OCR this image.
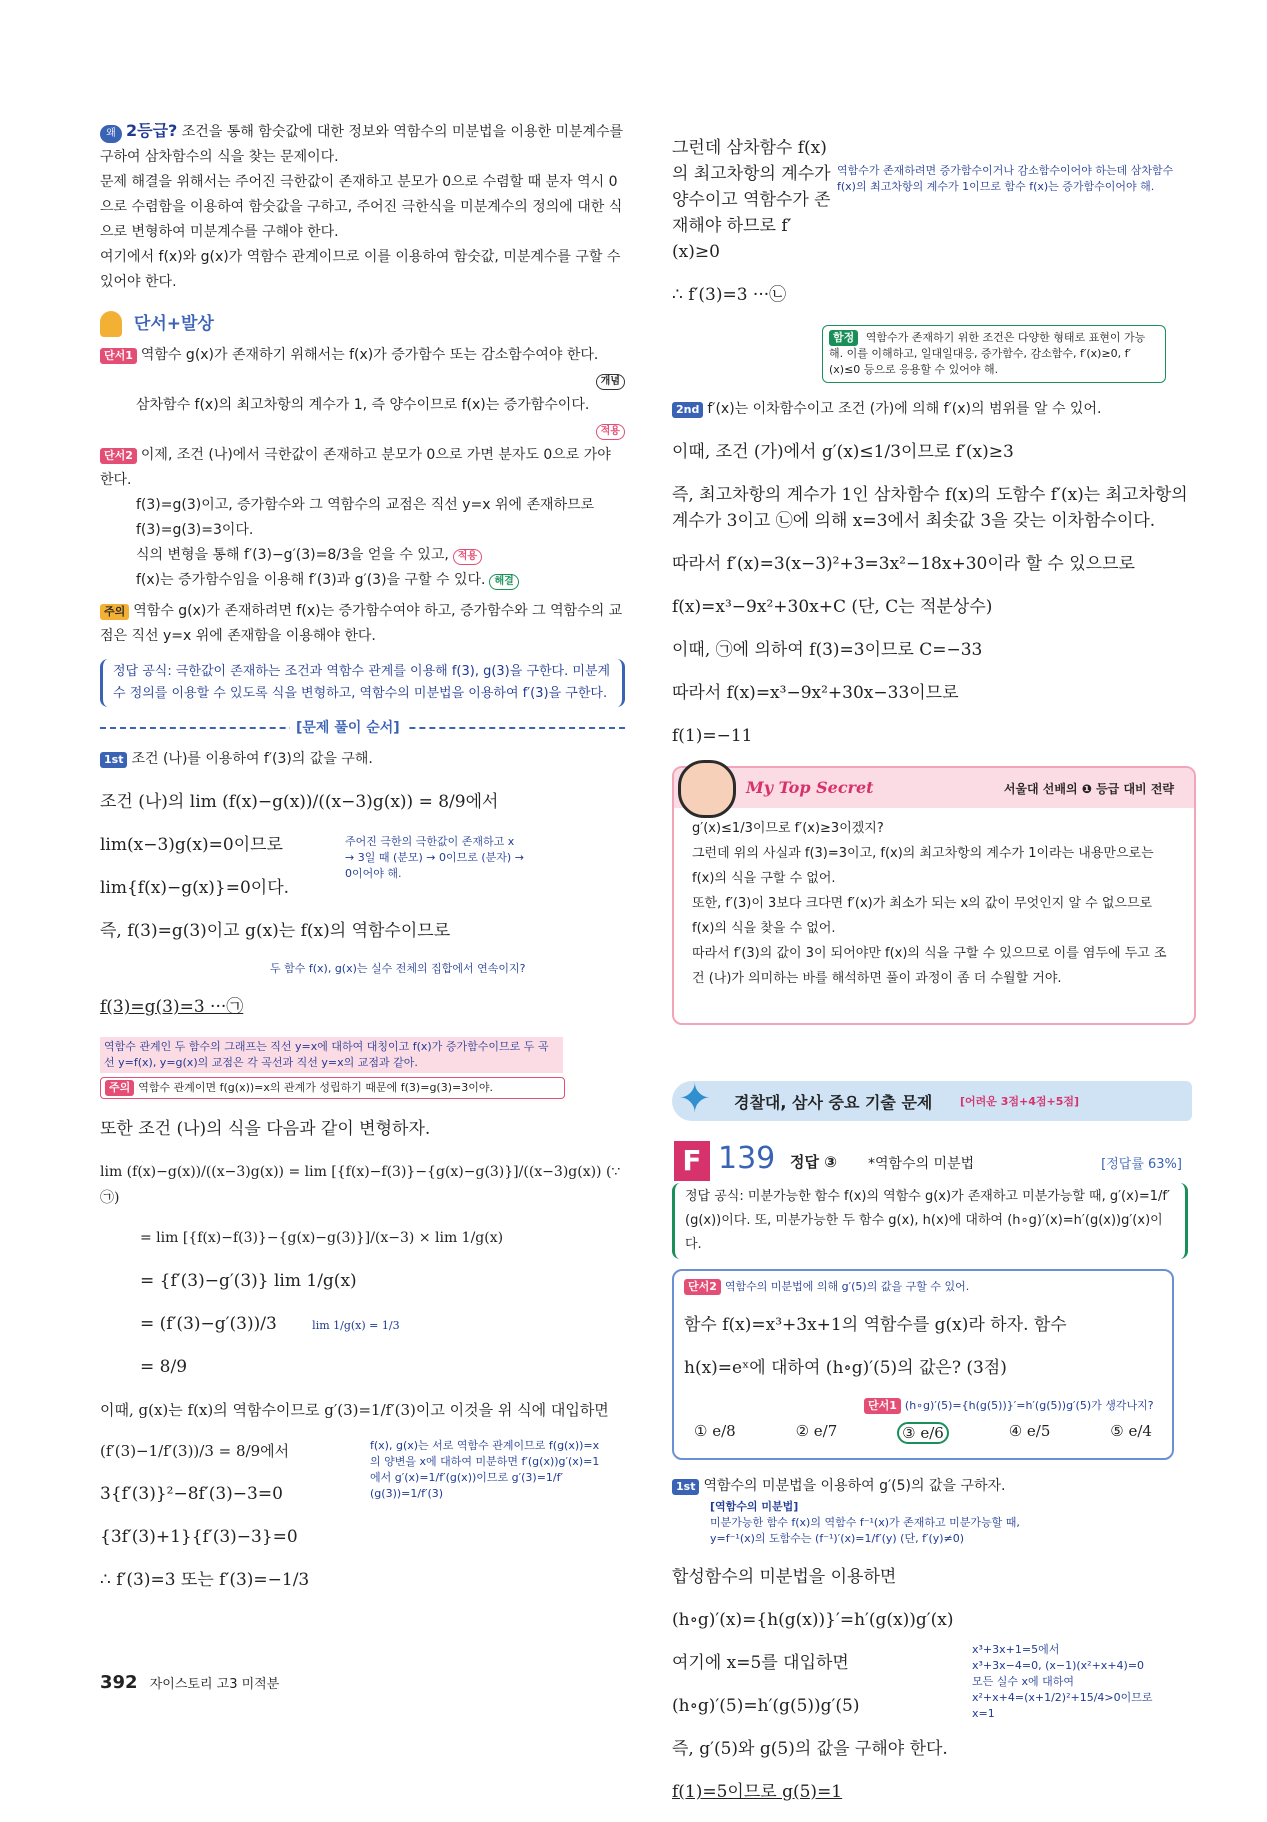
왜 2등급? 조건을 통해 함숫값에 대한 정보와 역함수의 미분법을 이용한 미분계수를 구하여 삼차함수의 식을 찾는 문제이다.

문제 해결을 위해서는 주어진 극한값이 존재하고 분모가 0으로 수렴할 때 분자 역시 0으로 수렴함을 이용하여 함숫값을 구하고, 주어진 극한식을 미분계수의 정의에 대한 식으로 변형하여 미분계수를 구해야 한다.

여기에서 f(x)와 g(x)가 역함수 관계이므로 이를 이용하여 함숫값, 미분계수를 구할 수 있어야 한다.

단서+발상

단서1 역함수 g(x)가 존재하기 위해서는 f(x)가 증가함수 또는 감소함수여야 한다.

개념

삼차함수 f(x)의 최고차항의 계수가 1, 즉 양수이므로 f(x)는 증가함수이다.

적용

단서2 이제, 조건 (나)에서 극한값이 존재하고 분모가 0으로 가면 분자도 0으로 가야 한다.

f(3)=g(3)이고, 증가함수와 그 역함수의 교점은 직선 y=x 위에 존재하므로 f(3)=g(3)=3이다.

식의 변형을 통해 f′(3)−g′(3)=8/3을 얻을 수 있고, 적용

f(x)는 증가함수임을 이용해 f′(3)과 g′(3)을 구할 수 있다. 해결

주의 역함수 g(x)가 존재하려면 f(x)는 증가함수여야 하고, 증가함수와 그 역함수의 교점은 직선 y=x 위에 존재함을 이용해야 한다.

정답 공식: 극한값이 존재하는 조건과 역함수 관계를 이용해 f(3), g(3)을 구한다. 미분계수 정의를 이용할 수 있도록 식을 변형하고, 역함수의 미분법을 이용하여 f′(3)을 구한다.
[문제 풀이 순서]

1st 조건 (나)를 이용하여 f′(3)의 값을 구해.

조건 (나)의 lim (f(x)−g(x))/((x−3)g(x)) = 8/9에서

lim(x−3)g(x)=0이므로

lim{f(x)−g(x)}=0이다.

주어진 극한의 극한값이 존재하고 x → 3일 때 (분모) → 0이므로 (분자) → 0이어야 해.

즉, f(3)=g(3)이고 g(x)는 f(x)의 역함수이므로

두 함수 f(x), g(x)는 실수 전체의 집합에서 연속이지?

f(3)=g(3)=3 ···㉠

역함수 관계인 두 함수의 그래프는 직선 y=x에 대하여 대칭이고 f(x)가 증가함수이므로 두 곡선 y=f(x), y=g(x)의 교점은 각 곡선과 직선 y=x의 교점과 같아.

주의 역함수 관계이면 f(g(x))=x의 관계가 성립하기 때문에 f(3)=g(3)=3이야.

또한 조건 (나)의 식을 다음과 같이 변형하자.

lim (f(x)−g(x))/((x−3)g(x)) = lim [{f(x)−f(3)}−{g(x)−g(3)}]/((x−3)g(x)) (∵ ㉠)

= lim [{f(x)−f(3)}−{g(x)−g(3)}]/(x−3) × lim 1/g(x)

= {f′(3)−g′(3)} lim 1/g(x)

= (f′(3)−g′(3))/3	lim 1/g(x) = 1/3

= 8/9

이때, g(x)는 f(x)의 역함수이므로 g′(3)=1/f′(3)이고 이것을 위 식에 대입하면

(f′(3)−1/f′(3))/3 = 8/9에서

3{f′(3)}²−8f′(3)−3=0

{3f′(3)+1}{f′(3)−3}=0

∴ f′(3)=3 또는 f′(3)=−1/3

f(x), g(x)는 서로 역함수 관계이므로 f(g(x))=x의 양변을 x에 대하여 미분하면 f′(g(x))g′(x)=1에서 g′(x)=1/f′(g(x))이므로 g′(3)=1/f′(g(3))=1/f′(3)

그런데 삼차함수 f(x)의 최고차항의 계수가 양수이고 역함수가 존재해야 하므로 f′(x)≥0

역함수가 존재하려면 증가함수이거나 감소함수이어야 하는데 삼차함수 f(x)의 최고차항의 계수가 1이므로 함수 f(x)는 증가함수이어야 해.

∴ f′(3)=3 ···㉡

함정 역함수가 존재하기 위한 조건은 다양한 형태로 표현이 가능해. 이를 이해하고, 일대일대응, 증가함수, 감소함수, f′(x)≥0, f′(x)≤0 등으로 응용할 수 있어야 해.

2nd f′(x)는 이차함수이고 조건 (가)에 의해 f′(x)의 범위를 알 수 있어.

이때, 조건 (가)에서 g′(x)≤1/3이므로 f′(x)≥3

즉, 최고차항의 계수가 1인 삼차함수 f(x)의 도함수 f′(x)는 최고차항의 계수가 3이고 ㉡에 의해 x=3에서 최솟값 3을 갖는 이차함수이다.

따라서 f′(x)=3(x−3)²+3=3x²−18x+30이라 할 수 있으므로

f(x)=x³−9x²+30x+C (단, C는 적분상수)

이때, ㉠에 의하여 f(3)=3이므로 C=−33

따라서 f(x)=x³−9x²+30x−33이므로

f(1)=−11

My Top Secret	서울대 선배의 ❶ 등급 대비 전략
g′(x)≤1/3이므로 f′(x)≥3이겠지?
그런데 위의 사실과 f(3)=3이고, f(x)의 최고차항의 계수가 1이라는 내용만으로는 f(x)의 식을 구할 수 없어.
또한, f′(3)이 3보다 크다면 f′(x)가 최소가 되는 x의 값이 무엇인지 알 수 없으므로 f(x)의 식을 찾을 수 없어.
따라서 f′(3)의 값이 3이 되어야만 f(x)의 식을 구할 수 있으므로 이를 염두에 두고 조건 (나)가 의미하는 바를 해석하면 풀이 과정이 좀 더 수월할 거야.
✦ 경찰대, 삼사 중요 기출 문제	[어려운 3점+4점+5점]
F 139 정답 ③ *역함수의 미분법	[정답률 63%]
정답 공식: 미분가능한 함수 f(x)의 역함수 g(x)가 존재하고 미분가능할 때, g′(x)=1/f′(g(x))이다. 또, 미분가능한 두 함수 g(x), h(x)에 대하여 (h∘g)′(x)=h′(g(x))g′(x)이다.

단서2 역함수의 미분법에 의해 g′(5)의 값을 구할 수 있어.

함수 f(x)=x³+3x+1의 역함수를 g(x)라 하자. 함수

h(x)=eˣ에 대하여 (h∘g)′(5)의 값은? (3점)

단서1 (h∘g)′(5)={h(g(5))}′=h′(g(5))g′(5)가 생각나지?

① e/8	② e/7	③ e/6	④ e/5	⑤ e/4

1st 역함수의 미분법을 이용하여 g′(5)의 값을 구하자.

[역함수의 미분법]
미분가능한 함수 f(x)의 역함수 f⁻¹(x)가 존재하고 미분가능할 때,
y=f⁻¹(x)의 도함수는 (f⁻¹)′(x)=1/f′(y) (단, f′(y)≠0)

합성함수의 미분법을 이용하면

(h∘g)′(x)={h(g(x))}′=h′(g(x))g′(x)

여기에 x=5를 대입하면

(h∘g)′(5)=h′(g(5))g′(5)

즉, g′(5)와 g(5)의 값을 구해야 한다.

f(1)=5이므로 g(5)=1

x³+3x+1=5에서
x³+3x−4=0, (x−1)(x²+x+4)=0
모든 실수 x에 대하여
x²+x+4=(x+1/2)²+15/4>0이므로
x=1
392 자이스토리 고3 미적분
